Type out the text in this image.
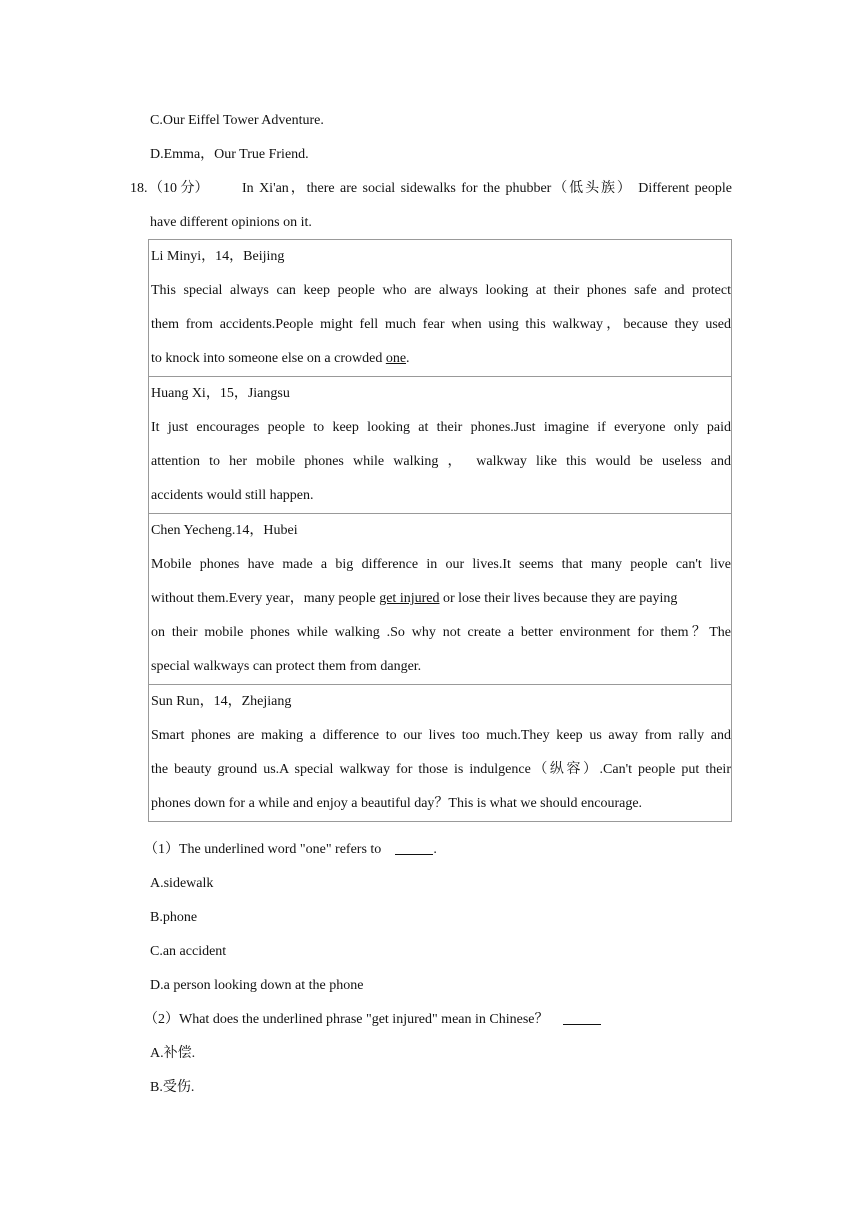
C.Our Eiffel Tower Adventure.
D.Emma，Our True Friend.
18. （10 分） In Xi'an，there are social sidewalks for the phubber（低头族） Different people
have different opinions on it.
Li Minyi，14，Beijing
This special always can keep people who are always looking at their phones safe and protect
them from accidents.People might fell much fear when using this walkway，because they used
to knock into someone else on a crowded one.
Huang Xi，15，Jiangsu
It just encourages people to keep looking at their phones.Just imagine if everyone only paid
attention to her mobile phones while walking ， walkway like this would be useless and
accidents would still happen.
Chen Yecheng.14，Hubei
Mobile phones have made a big difference in our lives.It seems that many people can't live
without them.Every year，many people get injured or lose their lives because they are paying
on their mobile phones while walking .So why not create a better environment for them？The
special walkways can protect them from danger.
Sun Run，14，Zhejiang
Smart phones are making a difference to our lives too much.They keep us away from rally and
the beauty ground us.A special walkway for those is indulgence（纵容）.Can't people put their
phones down for a while and enjoy a beautiful day？This is what we should encourage.
（1）The underlined word "one" refers to	.
A.sidewalk
B.phone
C.an accident
D.a person looking down at the phone
（2）What does the underlined phrase "get injured" mean in Chinese？
A.补偿.
B.受伤.
